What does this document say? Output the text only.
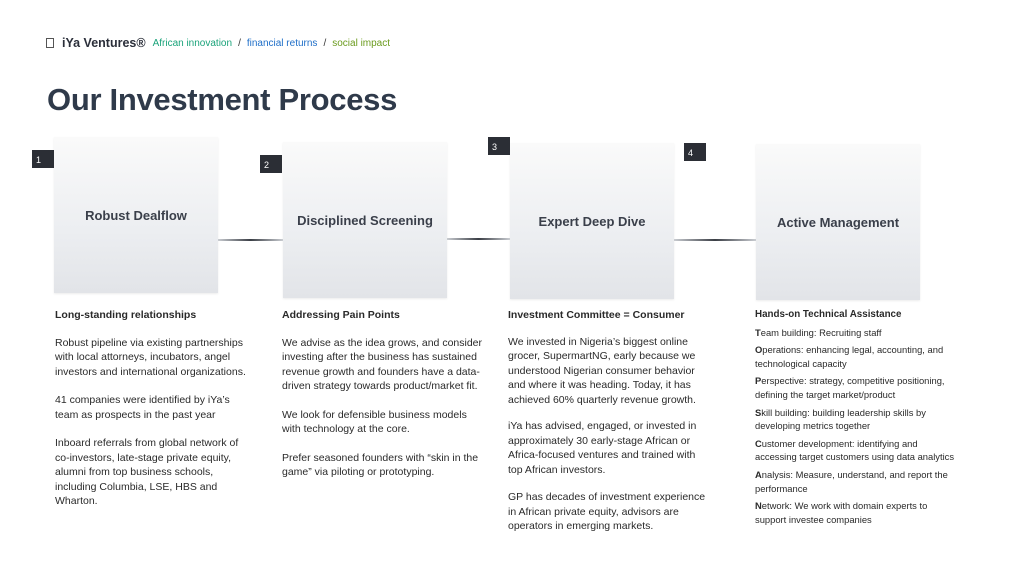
iYa Ventures® African innovation / financial returns / social impact
Our Investment Process
Robust Dealflow
1
Disciplined Screening
2
Expert Deep Dive
3
Active Management
4

Long-standing relationships

Robust pipeline via existing partnerships with local attorneys, incubators, angel investors and international organizations.

41 companies were identified by iYa’s team as prospects in the past year

Inboard referrals from global network of co-investors, late-stage private equity, alumni from top business schools, including Columbia, LSE, HBS and Wharton.

Addressing Pain Points

We advise as the idea grows, and consider investing after the business has sustained revenue growth and founders have a data-driven strategy towards product/market fit.

We look for defensible business models with technology at the core.

Prefer seasoned founders with “skin in the game” via piloting or prototyping.

Investment Committee = Consumer

We invested in Nigeria’s biggest online grocer, SupermartNG, early because we understood Nigerian consumer behavior and where it was heading. Today, it has achieved 60% quarterly revenue growth.

iYa has advised, engaged, or invested in approximately 30 early-stage African or Africa-focused ventures and trained with top African investors.

GP has decades of investment experience in African private equity, advisors are operators in emerging markets.

Hands-on Technical Assistance

Team building: Recruiting staff

Operations: enhancing legal, accounting, and technological capacity

Perspective: strategy, competitive positioning, defining the target market/product

Skill building: building leadership skills by developing metrics together

Customer development: identifying and accessing target customers using data analytics

Analysis: Measure, understand, and report the performance

Network: We work with domain experts to support investee companies
